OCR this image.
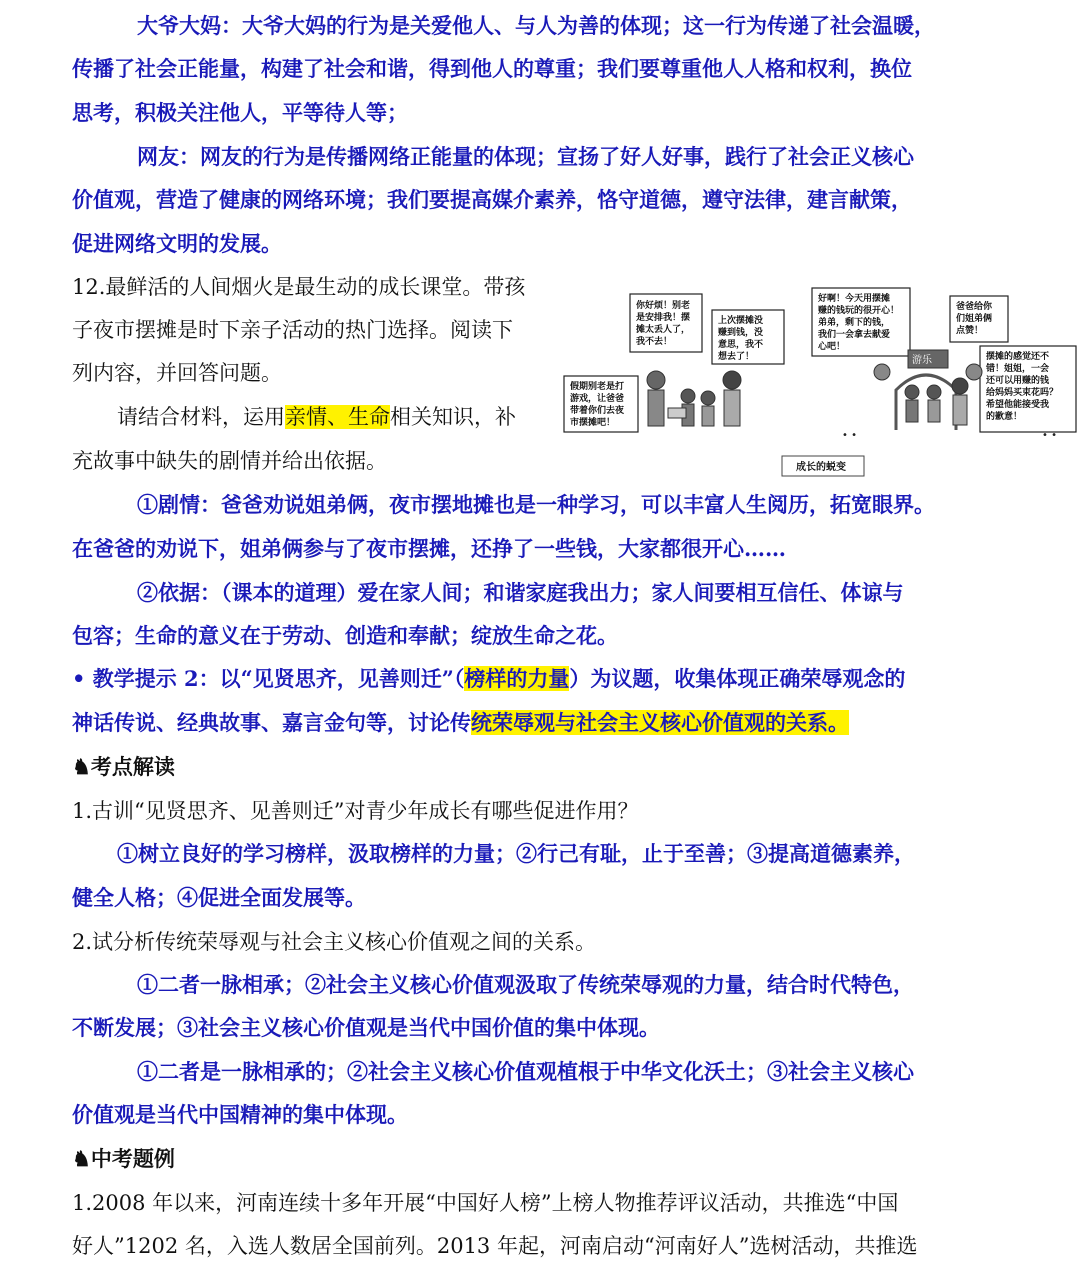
大爷大妈：大爷大妈的行为是关爱他人、与人为善的体现；这一行为传递了社会温暖，
传播了社会正能量，构建了社会和谐，得到他人的尊重；我们要尊重他人人格和权利，换位
思考，积极关注他人，平等待人等；
网友：网友的行为是传播网络正能量的体现；宣扬了好人好事，践行了社会正义核心
价值观，营造了健康的网络环境；我们要提高媒介素养，恪守道德，遵守法律，建言献策，
促进网络文明的发展。
12.最鲜活的人间烟火是最生动的成长课堂。带孩
子夜市摆摊是时下亲子活动的热门选择。阅读下
列内容，并回答问题。
请结合材料，运用亲情、生命相关知识，补
充故事中缺失的剧情并给出依据。
①剧情：爸爸劝说姐弟俩，夜市摆地摊也是一种学习，可以丰富人生阅历，拓宽眼界。
在爸爸的劝说下，姐弟俩参与了夜市摆摊，还挣了一些钱，大家都很开心……
②依据：（课本的道理）爱在家人间；和谐家庭我出力；家人间要相互信任、体谅与
包容；生命的意义在于劳动、创造和奉献；绽放生命之花。
• 教学提示 2：以“见贤思齐，见善则迁”（榜样的力量）为议题，收集体现正确荣辱观念的
神话传说、经典故事、嘉言金句等，讨论传统荣辱观与社会主义核心价值观的关系。
♞考点解读
1.古训“见贤思齐、见善则迁”对青少年成长有哪些促进作用？
①树立良好的学习榜样，汲取榜样的力量；②行己有耻，止于至善；③提高道德素养，
健全人格；④促进全面发展等。
2.试分析传统荣辱观与社会主义核心价值观之间的关系。
①二者一脉相承；②社会主义核心价值观汲取了传统荣辱观的力量，结合时代特色，
不断发展；③社会主义核心价值观是当代中国价值的集中体现。
①二者是一脉相承的；②社会主义核心价值观植根于中华文化沃土；③社会主义核心
价值观是当代中国精神的集中体现。
♞中考题例
1.2008 年以来，河南连续十多年开展“中国好人榜”上榜人物推荐评议活动，共推选“中国
好人”1202 名，入选人数居全国前列。2013 年起，河南启动“河南好人”选树活动，共推选
你好烦！别老 是安排我！摆 摊太丢人了， 我不去！
上次摆摊没 赚到钱，没 意思，我不 想去了！
假期别老是打 游戏，让爸爸 带着你们去夜 市摆摊吧！
好啊！今天用摆摊 赚的钱玩的很开心！ 弟弟，剩下的钱， 我们一会拿去献爱 心吧！
爸爸给你 们姐弟俩 点赞！
摆摊的感觉还不 错！姐姐，一会 还可以用赚的钱 给妈妈买束花吗？ 希望他能接受我 的歉意！
游乐
• •	• •
成长的蜕变
